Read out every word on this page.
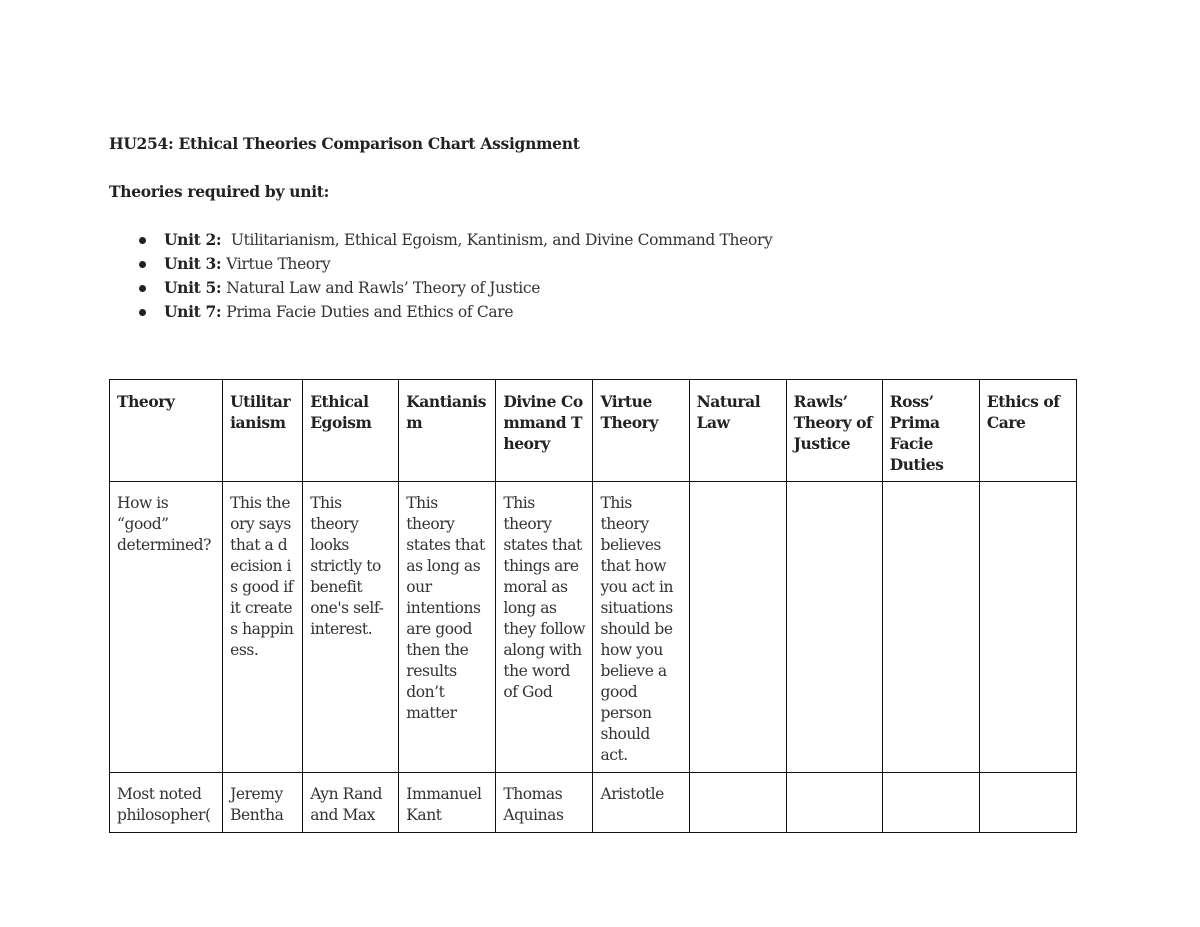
HU254: Ethical Theories Comparison Chart Assignment
Theories required by unit:
Unit 2: Utilitarianism, Ethical Egoism, Kantinism, and Divine Command Theory
Unit 3: Virtue Theory
Unit 5: Natural Law and Rawls’ Theory of Justice
Unit 7: Prima Facie Duties and Ethics of Care
Theory	Utilitarianism	Ethical Egoism	Kantianism	Divine Command Theory	Virtue Theory	Natural Law	Rawls’ Theory of Justice	Ross’ Prima Facie Duties	Ethics of Care
How is “good” determined?	This theory says that a decision is good if it creates happiness.	This theory looks strictly to benefit one's self-interest.	This theory states that as long as our intentions are good then the results don’t matter	This theory states that things are moral as long as they follow along with the word of God	This theory believes that how you act in situations should be how you believe a good person should act.				
Most noted philosopher(	Jeremy Bentha	Ayn Rand and Max	Immanuel Kant	Thomas Aquinas	Aristotle				
